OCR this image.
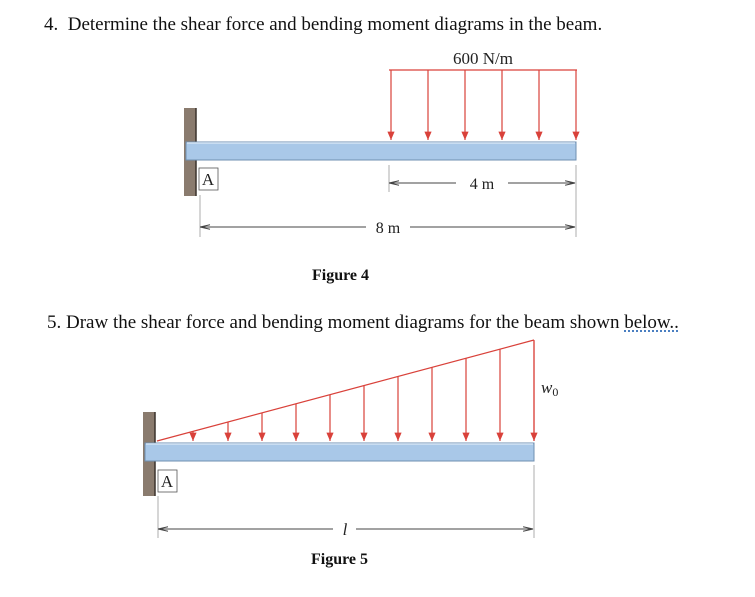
4. Determine the shear force and bending moment diagrams in the beam.
600 N/m
A	4 m
8 m
w0
A
l
Figure 4
5. Draw the shear force and bending moment diagrams for the beam shown below..
Figure 5
